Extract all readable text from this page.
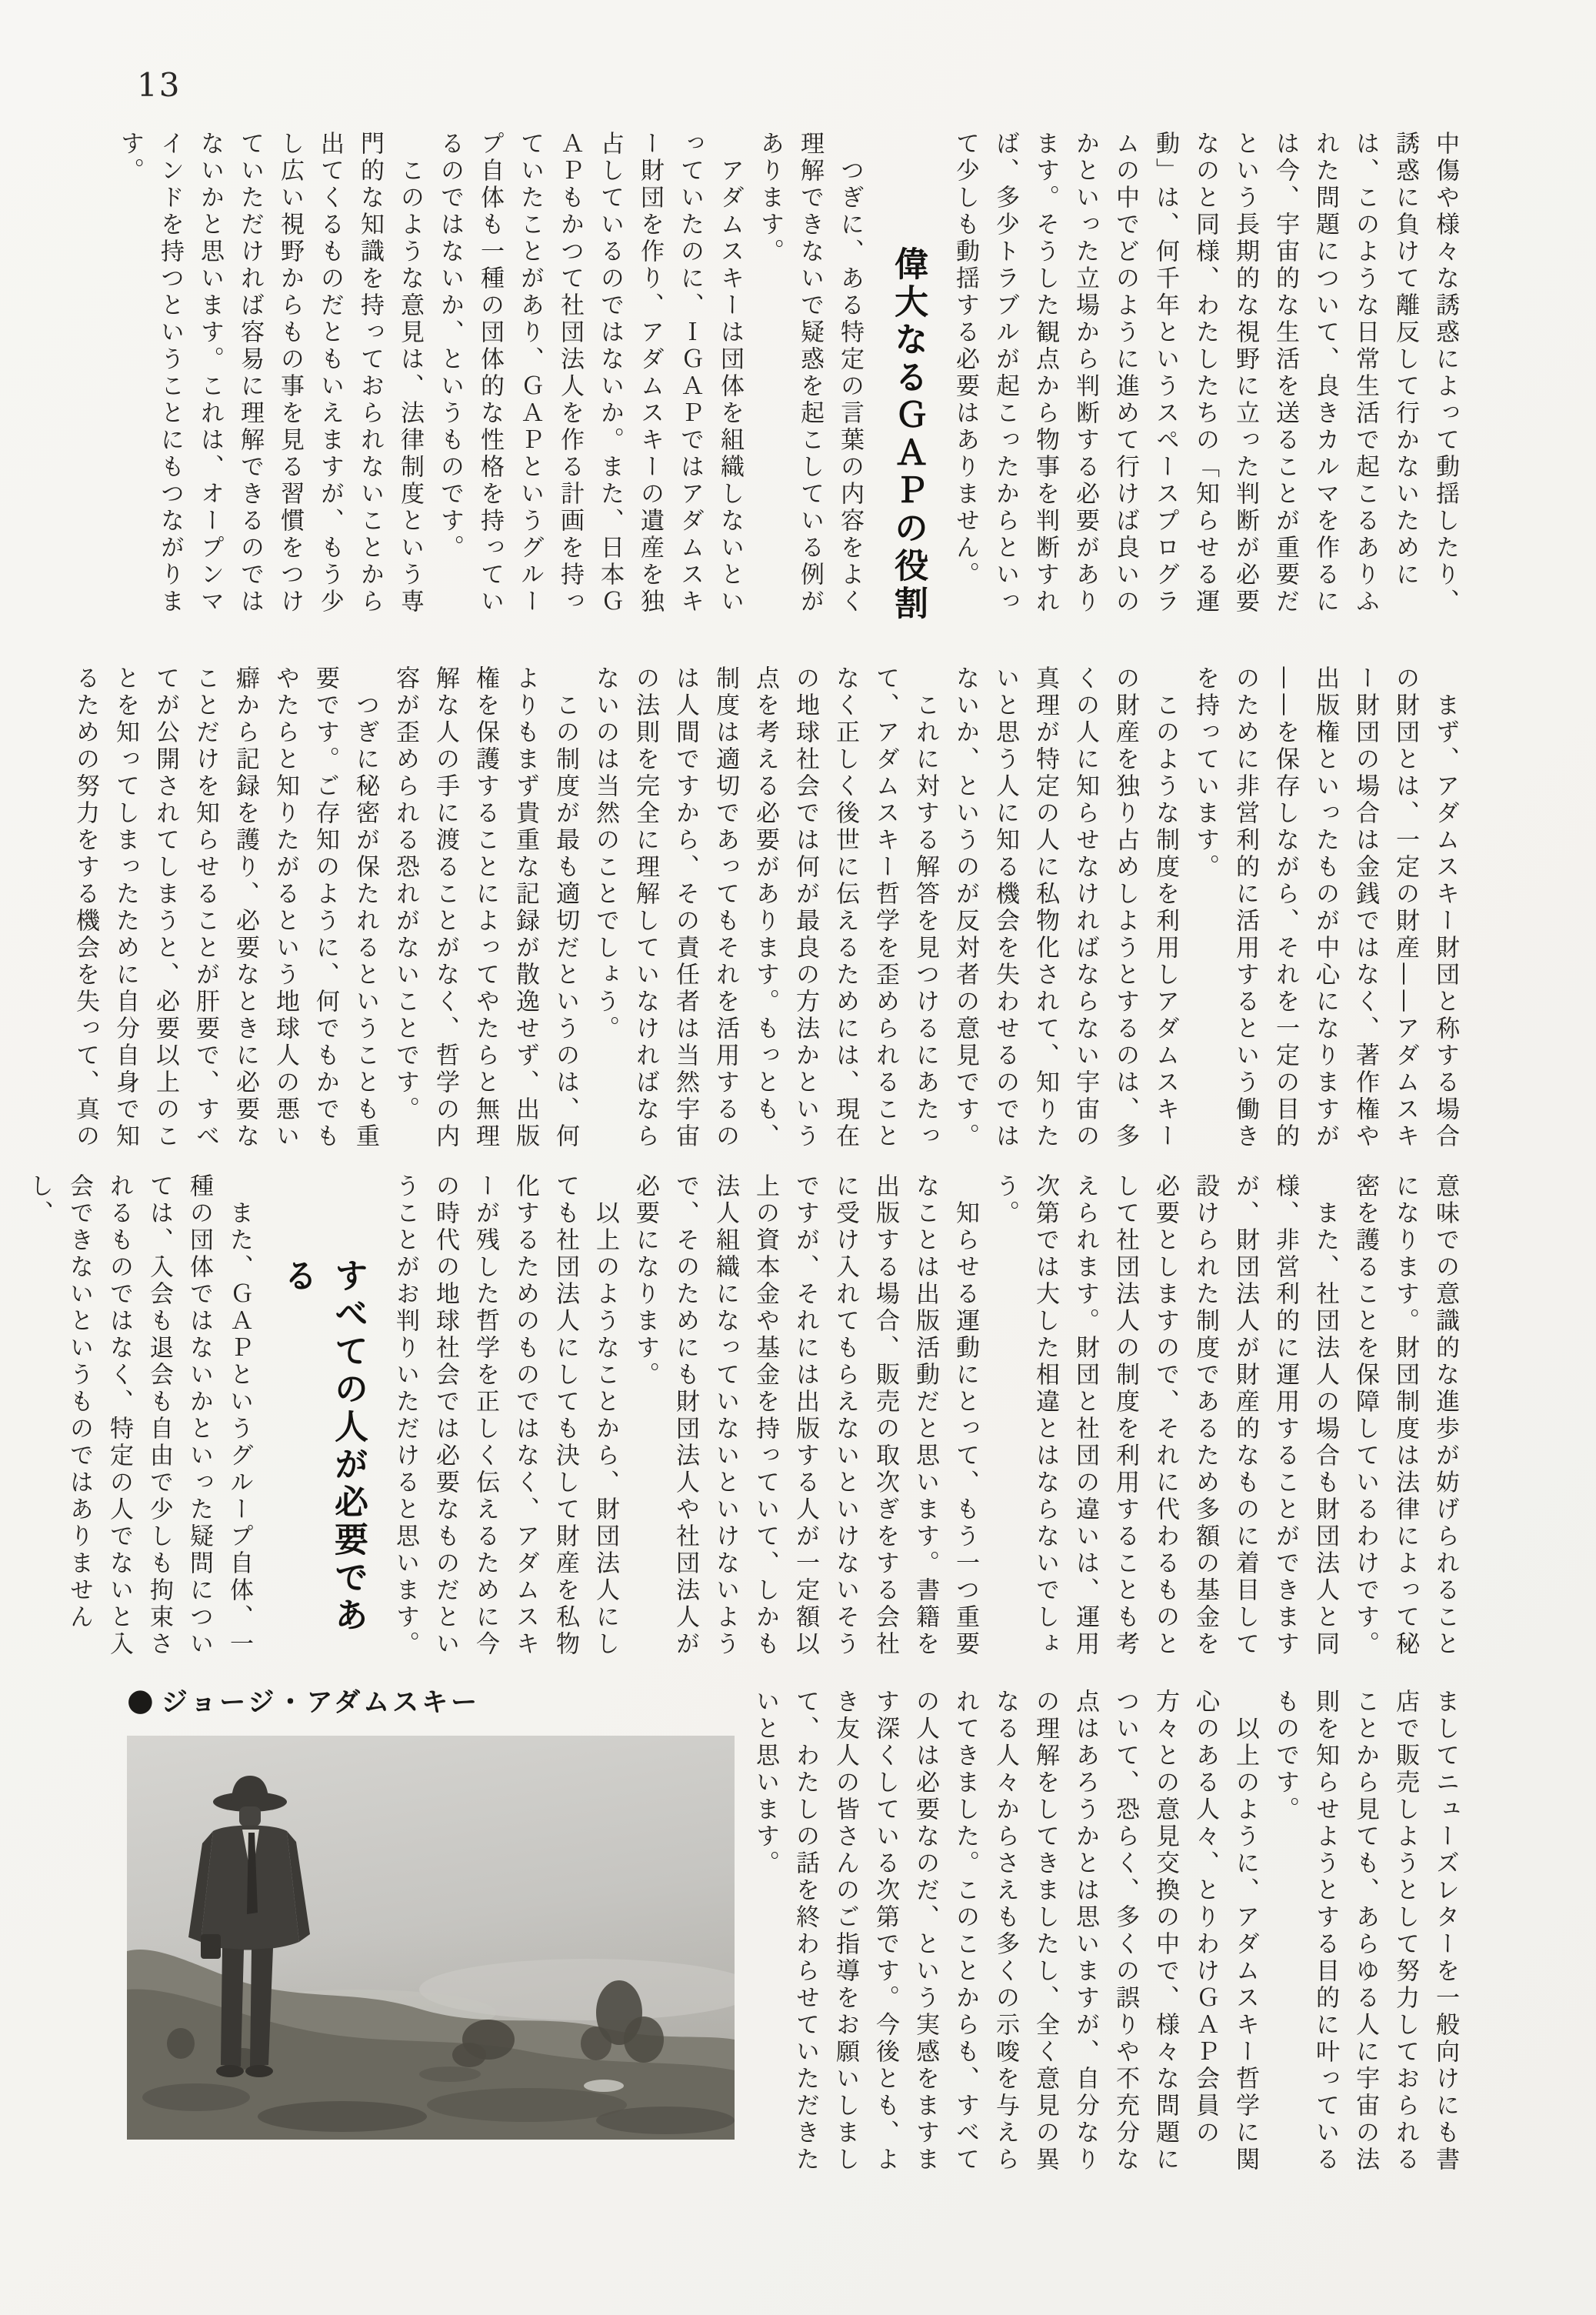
13

中傷や様々な誘惑によって動揺したり、誘惑に負けて離反して行かないためには、このような日常生活で起こるありふれた問題について、良きカルマを作るには今、宇宙的な生活を送ることが重要だという長期的な視野に立った判断が必要なのと同様、わたしたちの「知らせる運動」は、何千年というスペースプログラムの中でどのように進めて行けば良いのかといった立場から判断する必要があります。そうした観点から物事を判断すれば、多少トラブルが起こったからといって少しも動揺する必要はありません。

偉大なるＧＡＰの役割

　つぎに、ある特定の言葉の内容をよく理解できないで疑惑を起こしている例があります。

　アダムスキーは団体を組織しないといっていたのに、ＩＧＡＰではアダムスキー財団を作り、アダムスキーの遺産を独占しているのではないか。また、日本ＧＡＰもかつて社団法人を作る計画を持っていたことがあり、ＧＡＰというグループ自体も一種の団体的な性格を持っているのではないか、というものです。

　このような意見は、法律制度という専門的な知識を持っておられないことから出てくるものだともいえますが、もう少し広い視野からもの事を見る習慣をつけていただければ容易に理解できるのではないかと思います。これは、オープンマインドを持つということにもつながります。

　まず、アダムスキー財団と称する場合の財団とは、一定の財産——アダムスキー財団の場合は金銭ではなく、著作権や出版権といったものが中心になりますが——を保存しながら、それを一定の目的のために非営利的に活用するという働きを持っています。

　このような制度を利用しアダムスキーの財産を独り占めしようとするのは、多くの人に知らせなければならない宇宙の真理が特定の人に私物化されて、知りたいと思う人に知る機会を失わせるのではないか、というのが反対者の意見です。

　これに対する解答を見つけるにあたって、アダムスキー哲学を歪められることなく正しく後世に伝えるためには、現在の地球社会では何が最良の方法かという点を考える必要があります。もっとも、制度は適切であってもそれを活用するのは人間ですから、その責任者は当然宇宙の法則を完全に理解していなければならないのは当然のことでしょう。

　この制度が最も適切だというのは、何よりもまず貴重な記録が散逸せず、出版権を保護することによってやたらと無理解な人の手に渡ることがなく、哲学の内容が歪められる恐れがないことです。

　つぎに秘密が保たれるということも重要です。ご存知のように、何でもかでもやたらと知りたがるという地球人の悪い癖から記録を護り、必要なときに必要なことだけを知らせることが肝要で、すべてが公開されてしまうと、必要以上のことを知ってしまったために自分自身で知るための努力をする機会を失って、真の

意味での意識的な進歩が妨げられることになります。財団制度は法律によって秘密を護ることを保障しているわけです。

　また、社団法人の場合も財団法人と同様、非営利的に運用することができますが、財団法人が財産的なものに着目して設けられた制度であるため多額の基金を必要としますので、それに代わるものとして社団法人の制度を利用することも考えられます。財団と社団の違いは、運用次第では大した相違とはならないでしょう。

　知らせる運動にとって、もう一つ重要なことは出版活動だと思います。書籍を出版する場合、販売の取次ぎをする会社に受け入れてもらえないといけないそうですが、それには出版する人が一定額以上の資本金や基金を持っていて、しかも法人組織になっていないといけないようで、そのためにも財団法人や社団法人が必要になります。

　以上のようなことから、財団法人にしても社団法人にしても決して財産を私物化するためのものではなく、アダムスキーが残した哲学を正しく伝えるために今の時代の地球社会では必要なものだということがお判りいただけると思います。

すべての人が必要である

　また、ＧＡＰというグループ自体、一種の団体ではないかといった疑問については、入会も退会も自由で少しも拘束されるものではなく、特定の人でないと入会できないというものではありませんし、

ましてニューズレターを一般向けにも書店で販売しようとして努力しておられることから見ても、あらゆる人に宇宙の法則を知らせようとする目的に叶っているものです。

　以上のように、アダムスキー哲学に関心のある人々、とりわけＧＡＰ会員の方々との意見交換の中で、様々な問題について、恐らく、多くの誤りや不充分な点はあろうかとは思いますが、自分なりの理解をしてきましたし、全く意見の異なる人々からさえも多くの示唆を与えられてきました。このことからも、すべての人は必要なのだ、という実感をますます深くしている次第です。今後とも、よき友人の皆さんのご指導をお願いしまして、わたしの話を終わらせていただきたいと思います。

● ジョージ・アダムスキー
